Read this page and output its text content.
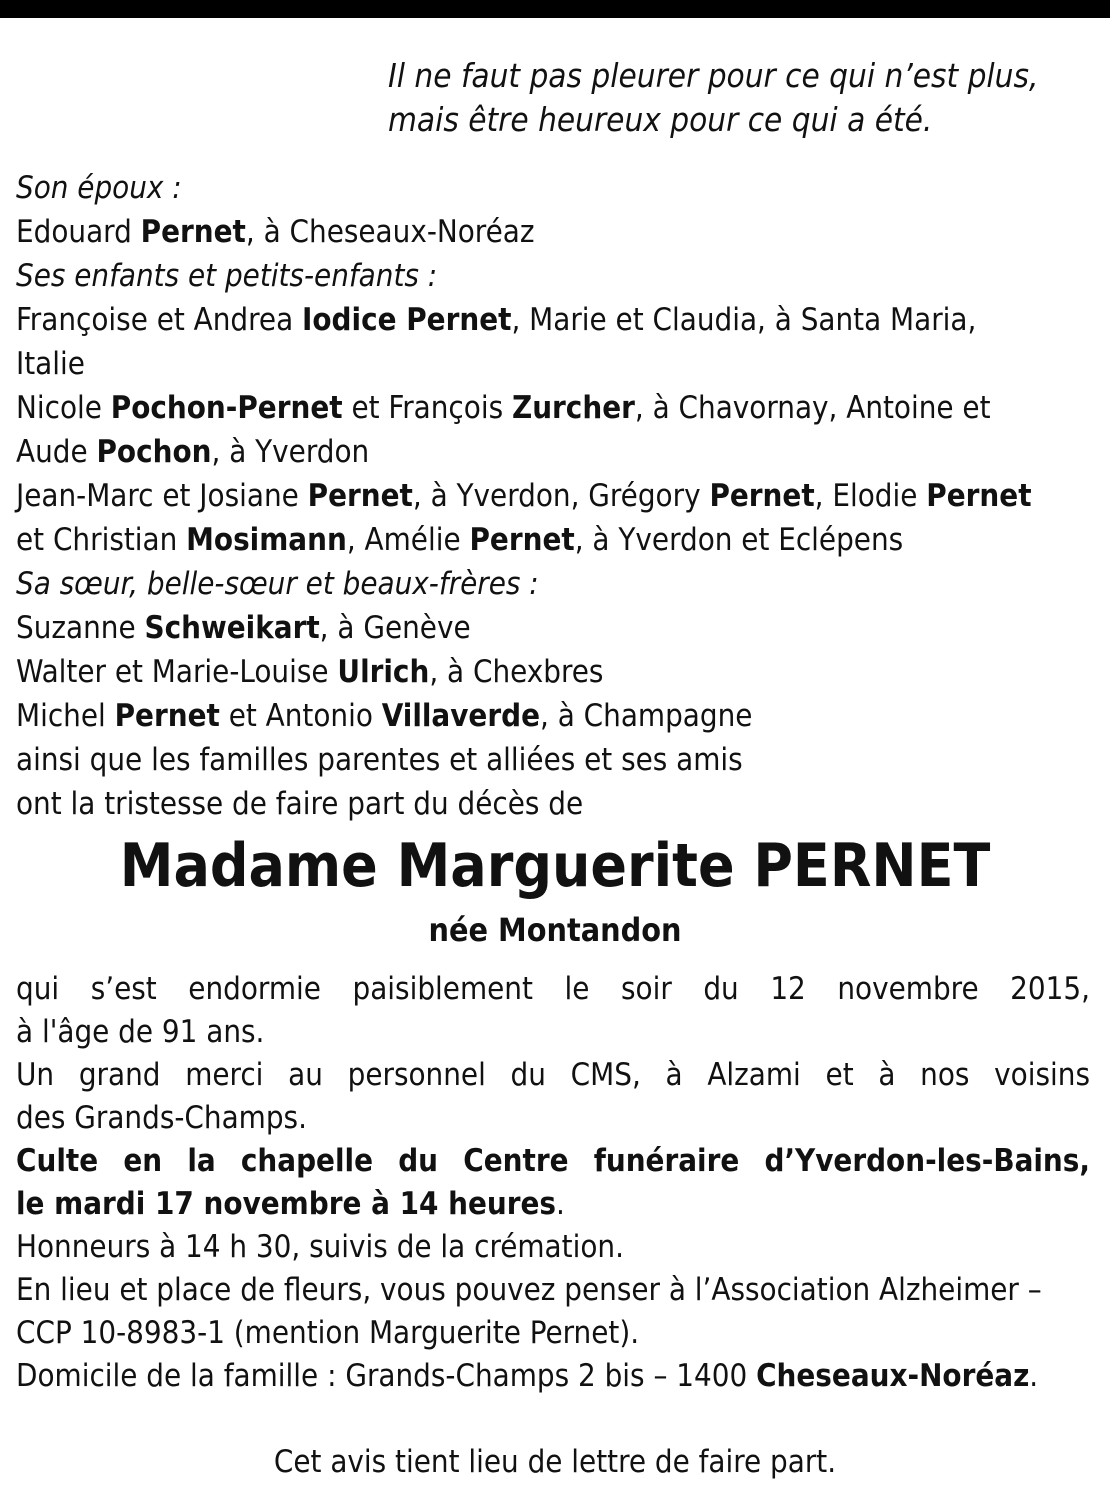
Il ne faut pas pleurer pour ce qui n’est plus,
mais être heureux pour ce qui a été.
Son époux :
Edouard Pernet, à Cheseaux-Noréaz
Ses enfants et petits-enfants :
Françoise et Andrea Iodice Pernet, Marie et Claudia, à Santa Maria,
Italie
Nicole Pochon-Pernet et François Zurcher, à Chavornay, Antoine et
Aude Pochon, à Yverdon
Jean-Marc et Josiane Pernet, à Yverdon, Grégory Pernet, Elodie Pernet
et Christian Mosimann, Amélie Pernet, à Yverdon et Eclépens
Sa sœur, belle-sœur et beaux-frères :
Suzanne Schweikart, à Genève
Walter et Marie-Louise Ulrich, à Chexbres
Michel Pernet et Antonio Villaverde, à Champagne
ainsi que les familles parentes et alliées et ses amis
ont la tristesse de faire part du décès de
Madame Marguerite PERNET
née Montandon
qui s’est endormie paisiblement le soir du 12 novembre 2015,
à l'âge de 91 ans.
Un grand merci au personnel du CMS, à Alzami et à nos voisins
des Grands-Champs.
Culte en la chapelle du Centre funéraire d’Yverdon-les-Bains,
le mardi 17 novembre à 14 heures.
Honneurs à 14 h 30, suivis de la crémation.
En lieu et place de fleurs, vous pouvez penser à l’Association Alzheimer –
CCP 10-8983-1 (mention Marguerite Pernet).
Domicile de la famille : Grands-Champs 2 bis – 1400 Cheseaux-Noréaz.
Cet avis tient lieu de lettre de faire part.
